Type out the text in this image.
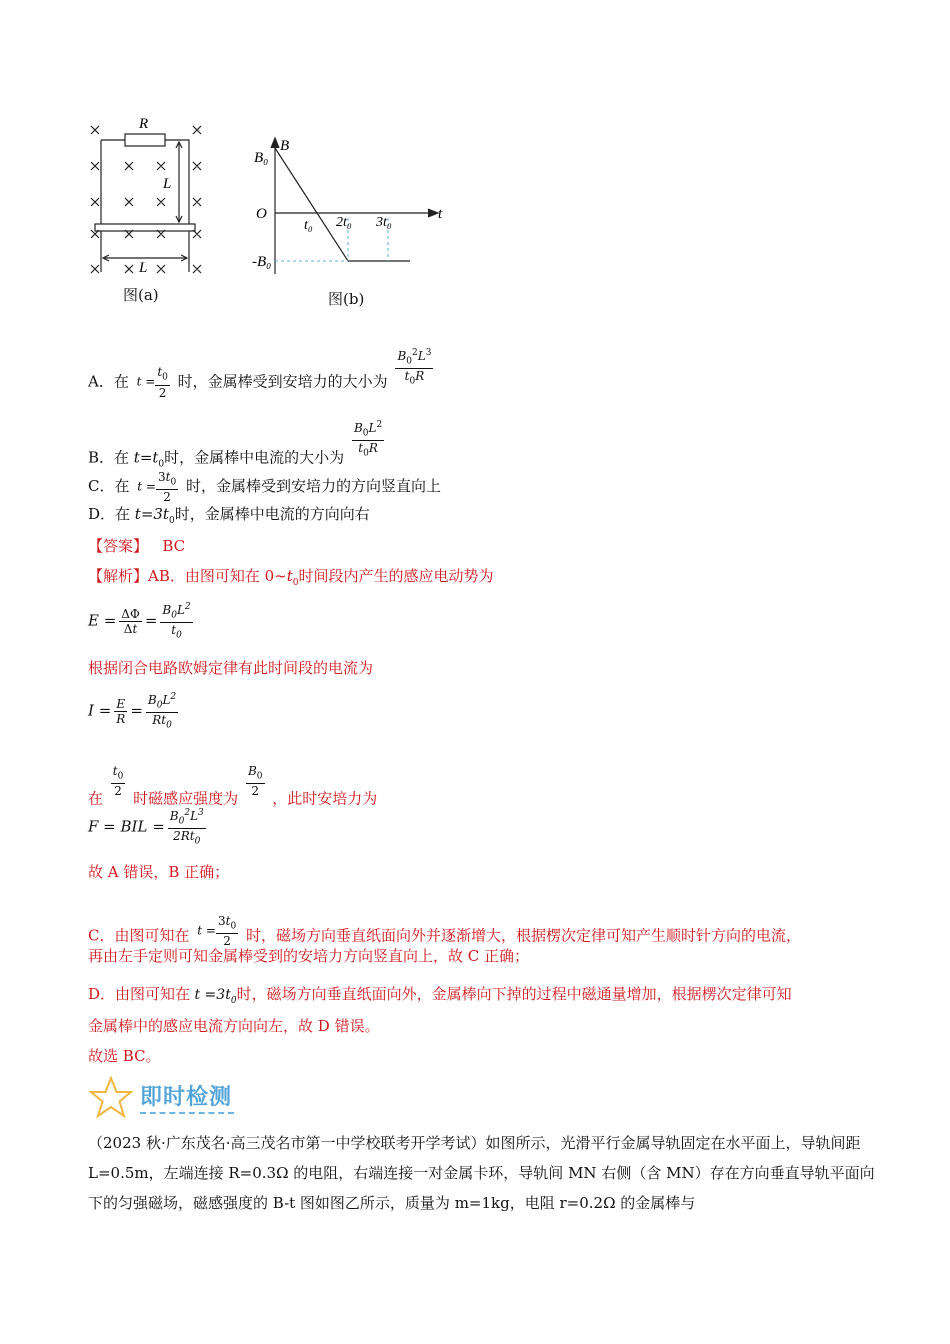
R
L
L
图(a)
B
B₀
O	t
t₀ 2t₀ 3t₀
-B₀
图(b)
A．在 $t = \frac{t_0}{2}$ 时，金属棒受到安培力的大小为 $\frac{B_0^2L^3}{t_0R}$
B．在 $t=t_0$时，金属棒中电流的大小为 $\frac{B_0L^2}{t_0R}$
C．在 $t = \frac{3t_0}{2}$ 时，金属棒受到安培力的方向竖直向上
D．在 $t=3t_0$时，金属棒中电流的方向向右
【答案】 BC
【解析】AB．由图可知在 $0\sim t_0$时间段内产生的感应电动势为
$E = \frac{\Delta\Phi}{\Delta t} = \frac{B_0L^2}{t_0}$
根据闭合电路欧姆定律有此时间段的电流为
$I = \frac{E}{R} = \frac{B_0L^2}{Rt_0}$
在 $\frac{t_0}{2}$ 时磁感应强度为 $\frac{B_0}{2}$ ，此时安培力为
F = BIL = $\frac{B_0^2L^3}{2Rt_0}$
故 A 错误，B 正确；
C．由图可知在 $t = \frac{3t_0}{2}$ 时，磁场方向垂直纸面向外并逐渐增大，根据楞次定律可知产生顺时针方向的电流，
再由左手定则可知金属棒受到的安培力方向竖直向上，故 C 正确；
D．由图可知在 $t =3t_0$时，磁场方向垂直纸面向外，金属棒向下掉的过程中磁通量增加，根据楞次定律可知
金属棒中的感应电流方向向左，故 D 错误。
故选 BC。
即时检测
（2023 秋·广东茂名·高三茂名市第一中学校联考开学考试）如图所示，光滑平行金属导轨固定在水平面上，导轨间距 L=0.5m，左端连接 R=0.3Ω 的电阻，右端连接一对金属卡环，导轨间 MN 右侧（含 MN）存在方向垂直导轨平面向下的匀强磁场，磁感强度的 B-t 图如图乙所示，质量为 m=1kg，电阻 r=0.2Ω 的金属棒与
